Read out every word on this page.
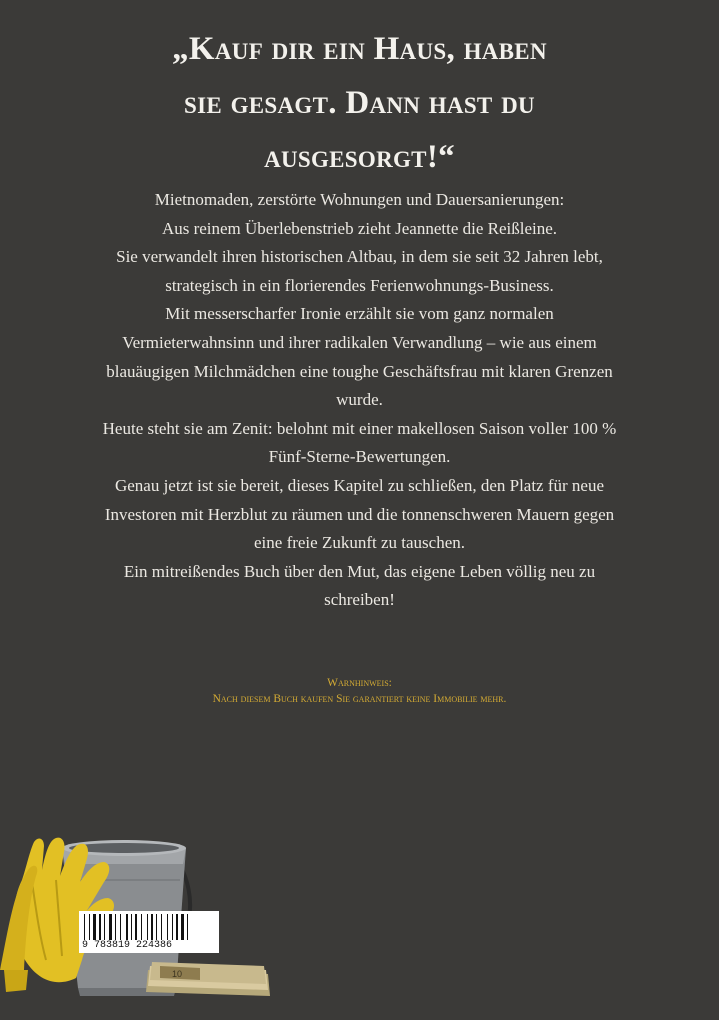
„Kauf dir ein Haus, haben
sie gesagt. Dann hast du
ausgesorgt!“
Mietnomaden, zerstörte Wohnungen und Dauersanierungen:
Aus reinem Überlebenstrieb zieht Jeannette die Reißleine.
Sie verwandelt ihren historischen Altbau, in dem sie seit 32 Jahren lebt,
strategisch in ein florierendes Ferienwohnungs-Business.
Mit messerscharfer Ironie erzählt sie vom ganz normalen
Vermieterwahnsinn und ihrer radikalen Verwandlung – wie aus einem
blauäugigen Milchmädchen eine toughe Geschäftsfrau mit klaren Grenzen
wurde.
Heute steht sie am Zenit: belohnt mit einer makellosen Saison voller 100 %
Fünf-Sterne-Bewertungen.
Genau jetzt ist sie bereit, dieses Kapitel zu schließen, den Platz für neue
Investoren mit Herzblut zu räumen und die tonnenschweren Mauern gegen
eine freie Zukunft zu tauschen.
Ein mitreißendes Buch über den Mut, das eigene Leben völlig neu zu
schreiben!
Warnhinweis:
Nach diesem Buch kaufen Sie garantiert keine Immobilie mehr.
10
9 783819 224386
